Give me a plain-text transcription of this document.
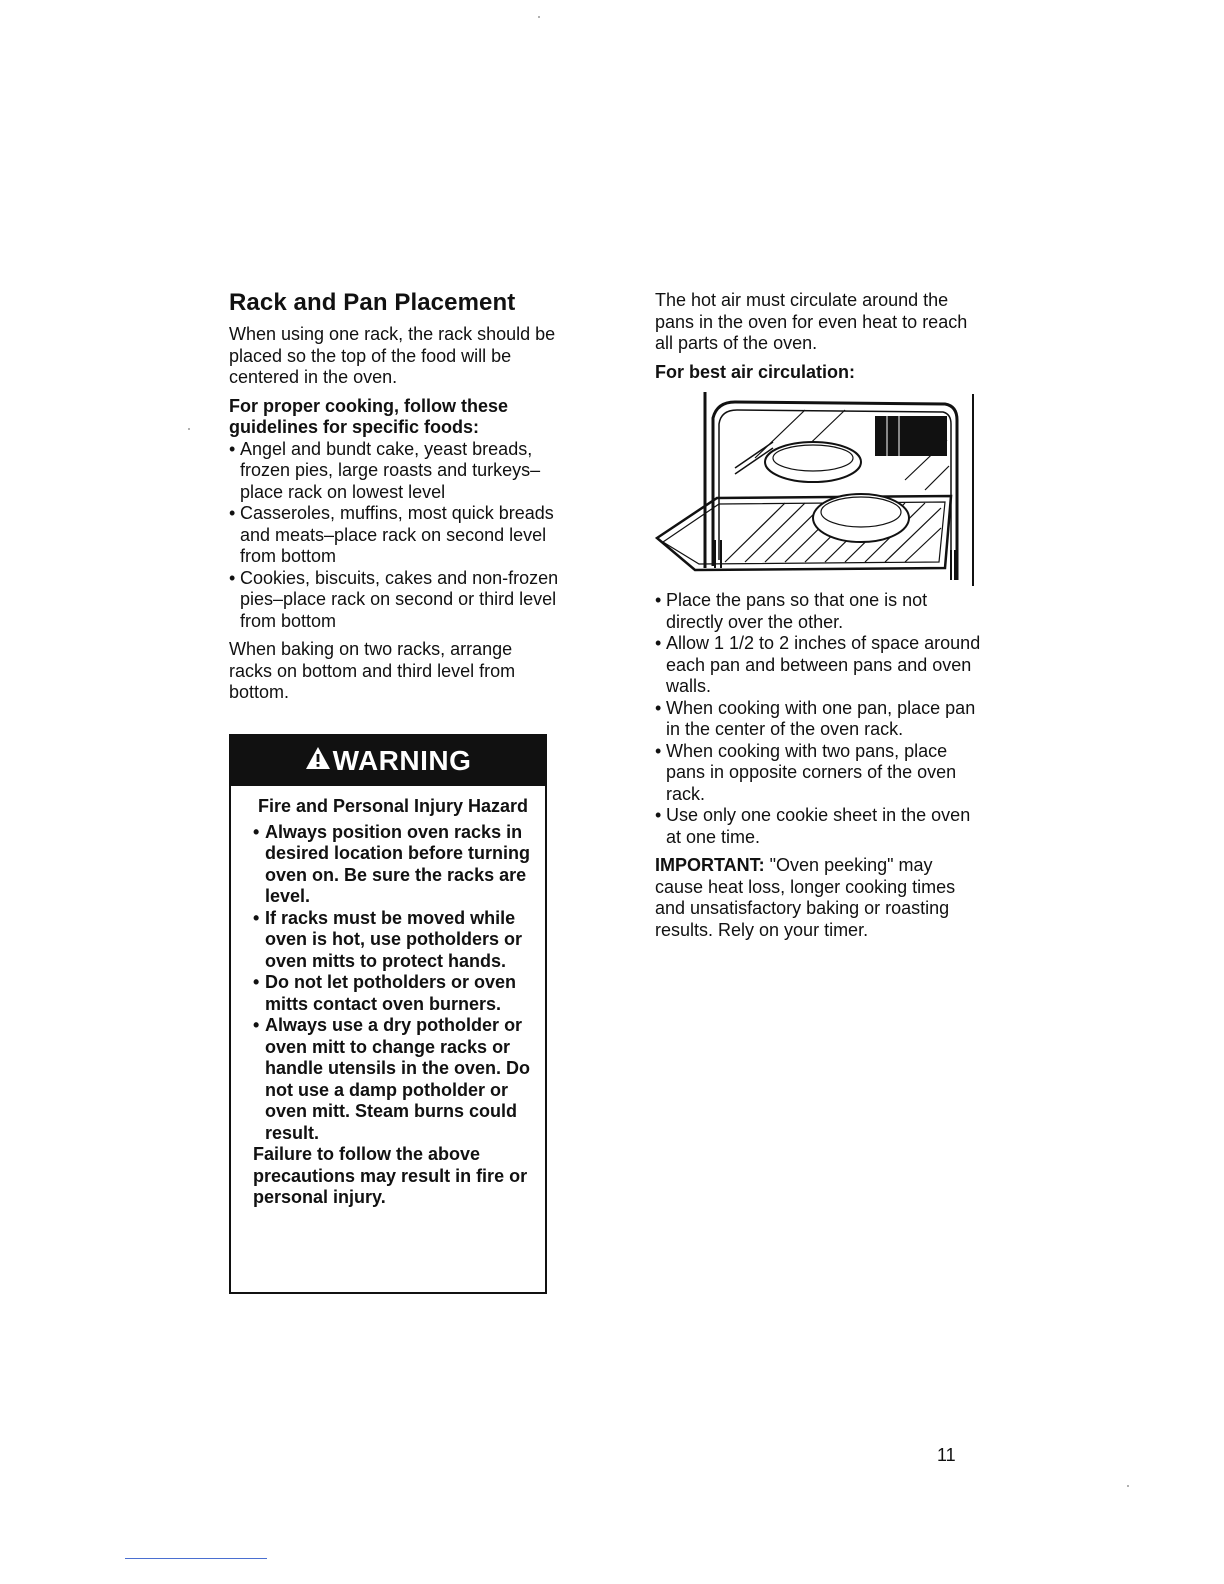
Rack and Pan Placement

When using one rack, the rack should be placed so the top of the food will be centered in the oven.

For proper cooking, follow these guidelines for specific foods:

• Angel and bundt cake, yeast breads, frozen pies, large roasts and turkeys–place rack on lowest level
• Casseroles, muffins, most quick breads and meats–place rack on second level from bottom
• Cookies, biscuits, cakes and non-frozen pies–place rack on second or third level from bottom

When baking on two racks, arrange racks on bottom and third level from bottom.

WARNING
Fire and Personal Injury Hazard
• Always position oven racks in desired location before turning oven on. Be sure the racks are level.
• If racks must be moved while oven is hot, use potholders or oven mitts to protect hands.
• Do not let potholders or oven mitts contact oven burners.
• Always use a dry potholder or oven mitt to change racks or handle utensils in the oven. Do not use a damp potholder or oven mitt. Steam burns could result.
Failure to follow the above precautions may result in fire or personal injury.

The hot air must circulate around the pans in the oven for even heat to reach all parts of the oven.

For best air circulation:

• Place the pans so that one is not directly over the other.
• Allow 1 1/2 to 2 inches of space around each pan and between pans and oven walls.
• When cooking with one pan, place pan in the center of the oven rack.
• When cooking with two pans, place pans in opposite corners of the oven rack.
• Use only one cookie sheet in the oven at one time.

IMPORTANT: "Oven peeking" may cause heat loss, longer cooking times and unsatisfactory baking or roasting results. Rely on your timer.

11
